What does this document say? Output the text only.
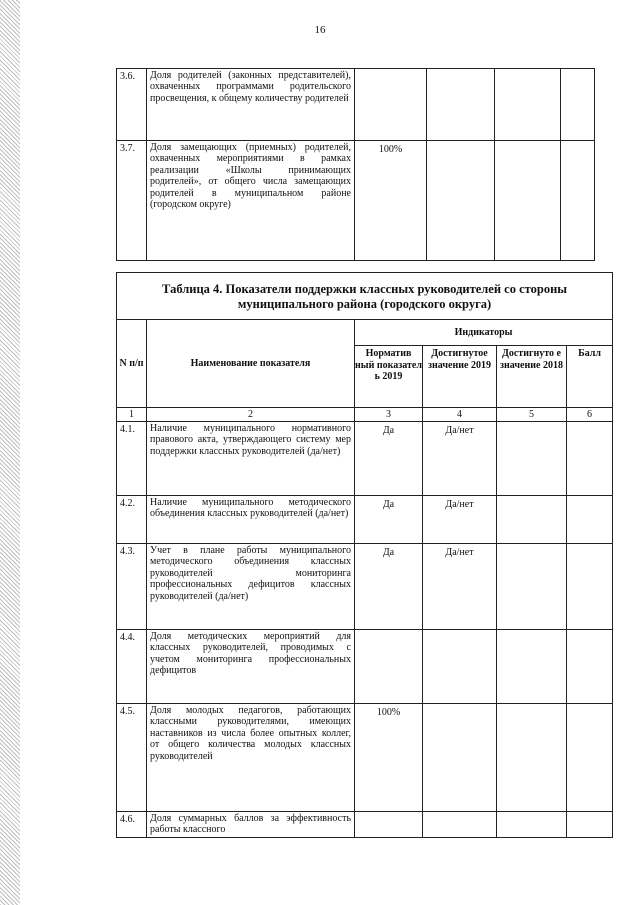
16
3.6.	Доля родителей (законных представителей), охваченных программами родительского просвещения, к общему количеству родителей				
3.7.	Доля замещающих (приемных) родителей, охваченных мероприятиями в рамках реализации «Школы принимающих родителей», от общего числа замещающих родителей в муниципальном районе (городском округе)	100%			
Таблица 4. Показатели поддержки классных руководителей со стороны муниципального района (городского округа)					
N п/п	Наименование показателя	Индикаторы			
		Норматив ный показател ь 2019	Достигнутое значение 2019	Достигнуто е значение 2018	Балл
1	2	3	4	5	6
4.1.	Наличие муниципального нормативного правового акта, утверждающего систему мер поддержки классных руководителей (да/нет)	Да	Да/нет		
4.2.	Наличие муниципального методического объединения классных руководителей (да/нет)	Да	Да/нет		
4.3.	Учет в плане работы муниципального методического объединения классных руководителей мониторинга профессиональных дефицитов классных руководителей (да/нет)	Да	Да/нет		
4.4.	Доля методических мероприятий для классных руководителей, проводимых с учетом мониторинга профессиональных дефицитов				
4.5.	Доля молодых педагогов, работающих классными руководителями, имеющих наставников из числа более опытных коллег, от общего количества молодых классных руководителей	100%			
4.6.	Доля суммарных баллов за эффективность работы классного				
